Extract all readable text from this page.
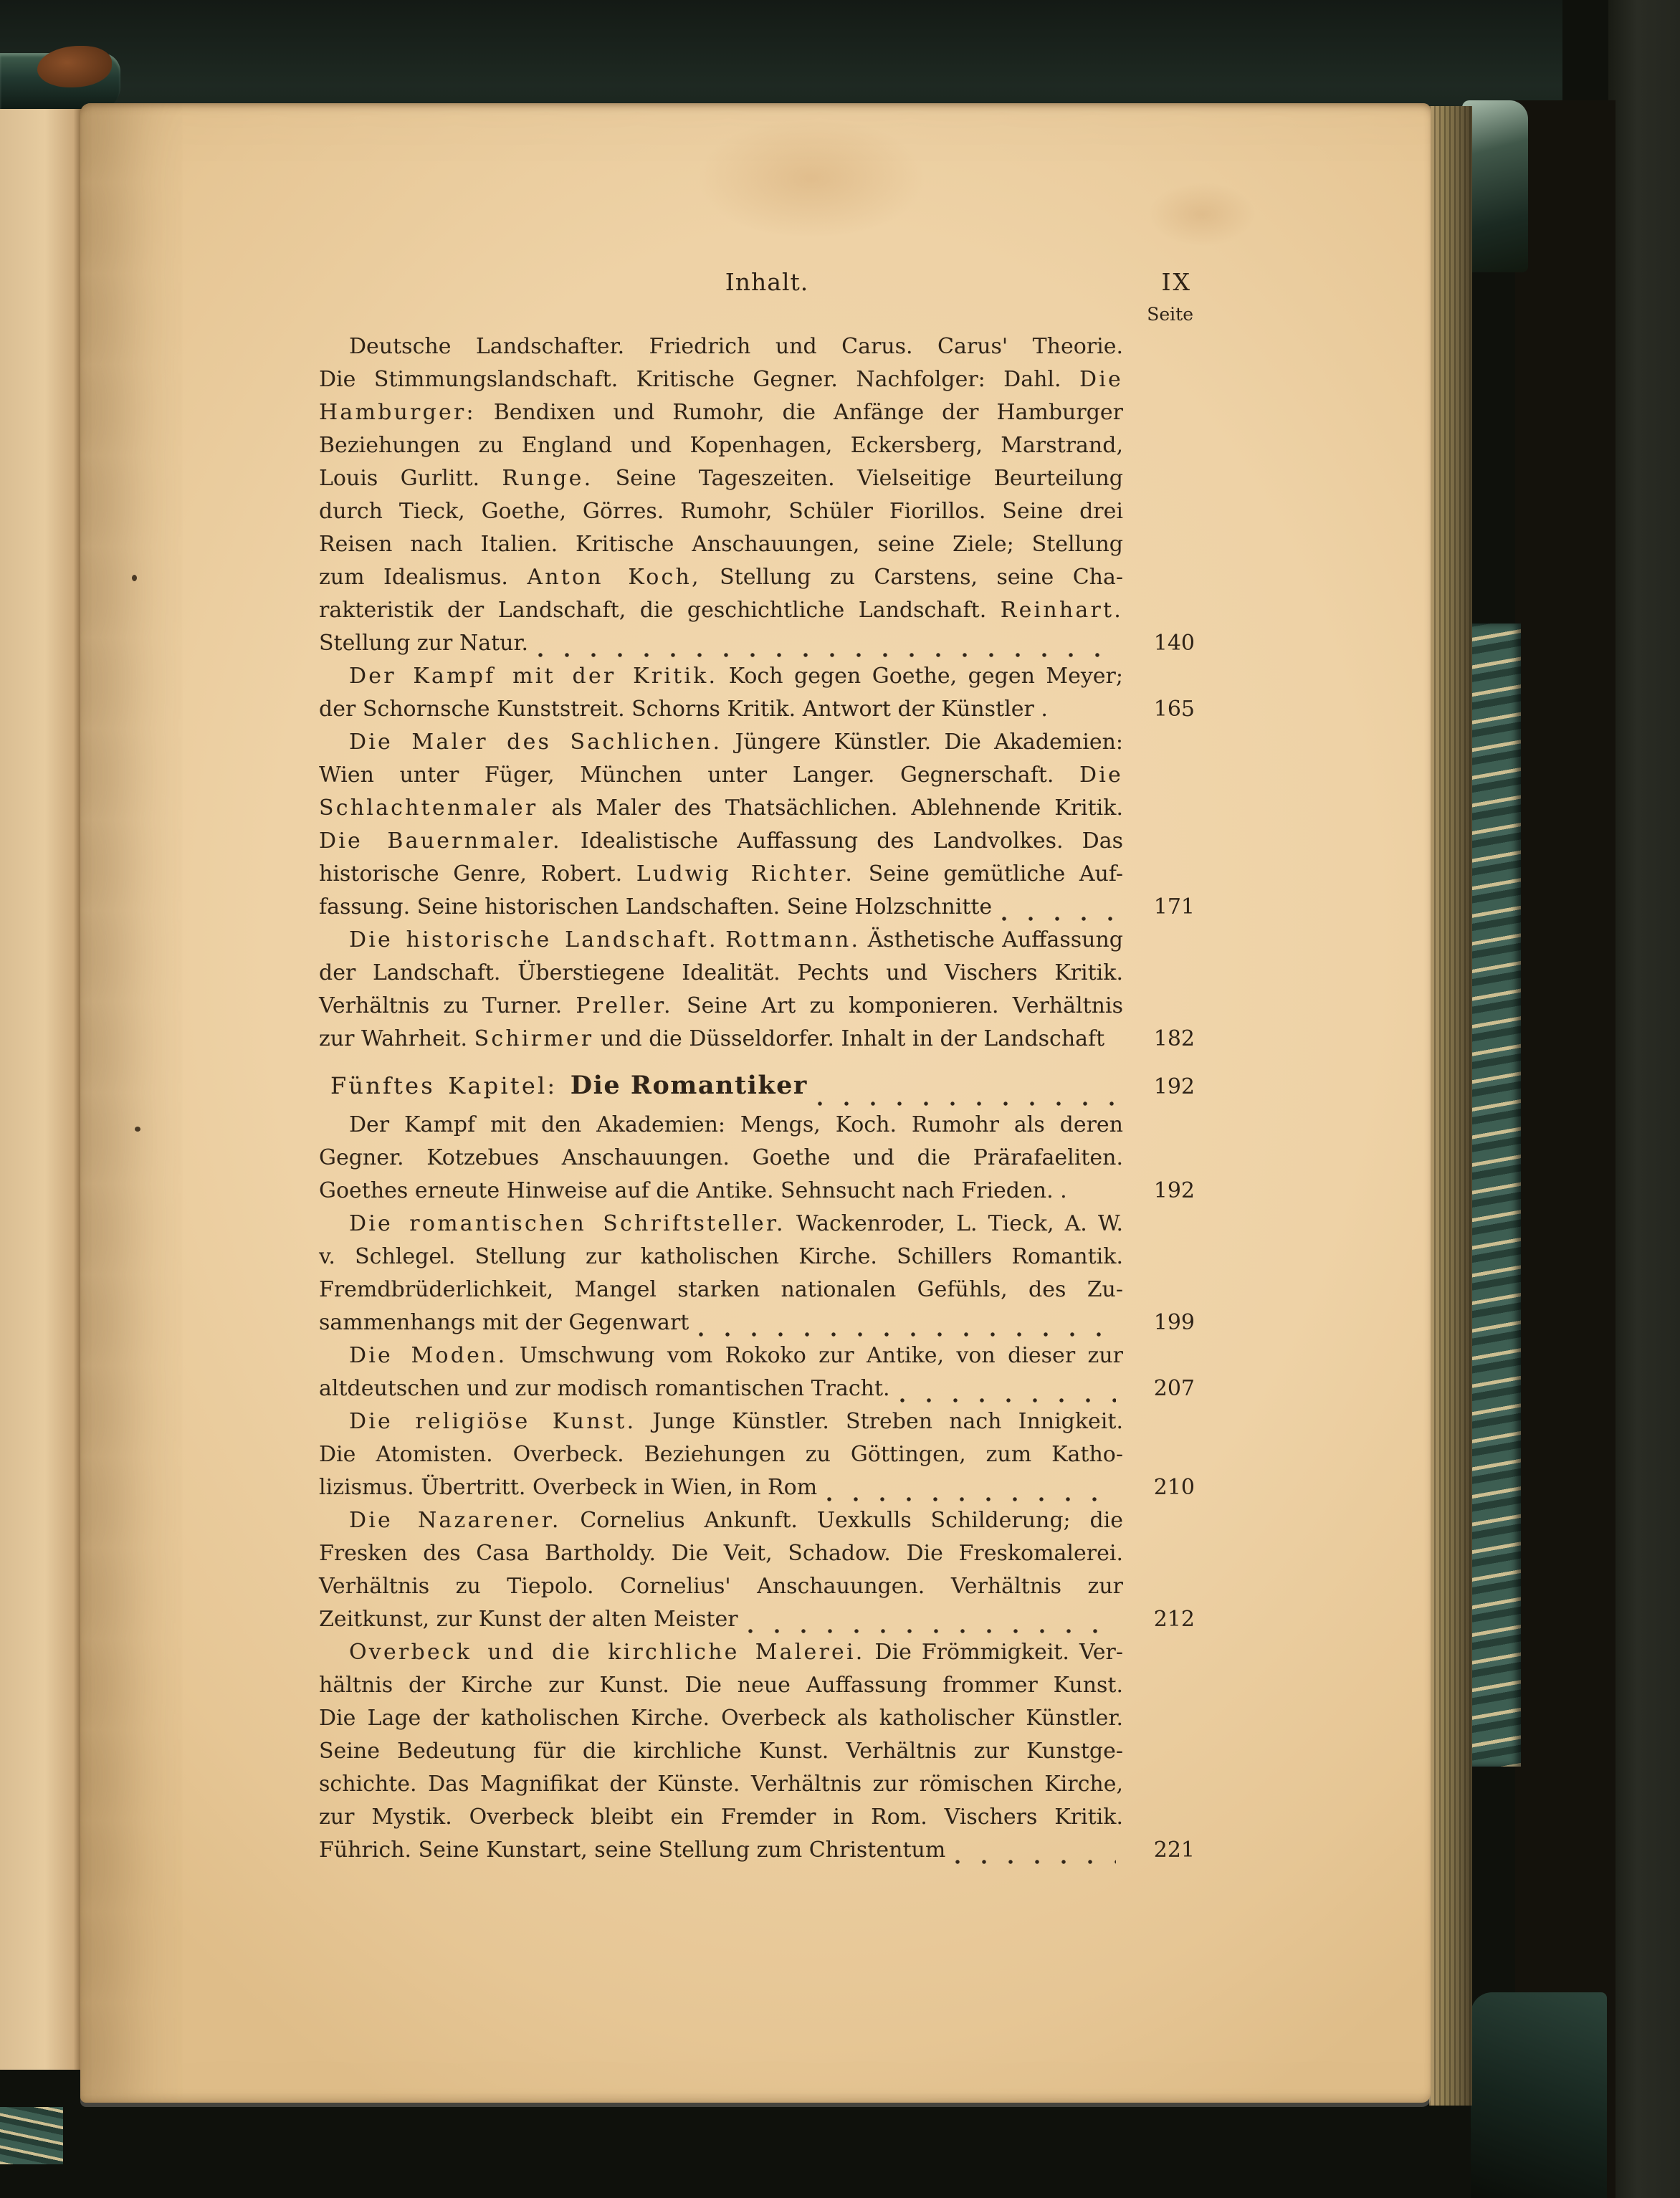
Inhalt.	IX
Seite
Deutsche Landschafter. Friedrich und Carus. Carus' Theorie.
Die Stimmungslandschaft. Kritische Gegner. Nachfolger: Dahl. Die
Hamburger: Bendixen und Rumohr, die Anfänge der Hamburger
Beziehungen zu England und Kopenhagen, Eckersberg, Marstrand,
Louis Gurlitt. Runge. Seine Tageszeiten. Vielseitige Beurteilung
durch Tieck, Goethe, Görres. Rumohr, Schüler Fiorillos. Seine drei
Reisen nach Italien. Kritische Anschauungen, seine Ziele; Stellung
zum Idealismus. Anton Koch, Stellung zu Carstens, seine Cha-
rakteristik der Landschaft, die geschichtliche Landschaft. Reinhart.
Stellung zur Natur.	140
Der Kampf mit der Kritik. Koch gegen Goethe, gegen Meyer;
der Schornsche Kunststreit. Schorns Kritik. Antwort der Künstler .	165
Die Maler des Sachlichen. Jüngere Künstler. Die Akademien:
Wien unter Füger, München unter Langer. Gegnerschaft. Die
Schlachtenmaler als Maler des Thatsächlichen. Ablehnende Kritik.
Die Bauernmaler. Idealistische Auffassung des Landvolkes. Das
historische Genre, Robert. Ludwig Richter. Seine gemütliche Auf-
fassung. Seine historischen Landschaften. Seine Holzschnitte	171
Die historische Landschaft. Rottmann. Ästhetische Auffassung
der Landschaft. Überstiegene Idealität. Pechts und Vischers Kritik.
Verhältnis zu Turner. Preller. Seine Art zu komponieren. Verhältnis
zur Wahrheit. Schirmer und die Düsseldorfer. Inhalt in der Landschaft	182
Fünftes Kapitel: Die Romantiker	192
Der Kampf mit den Akademien: Mengs, Koch. Rumohr als deren
Gegner. Kotzebues Anschauungen. Goethe und die Prärafaeliten.
Goethes erneute Hinweise auf die Antike. Sehnsucht nach Frieden. .	192
Die romantischen Schriftsteller. Wackenroder, L. Tieck, A. W.
v. Schlegel. Stellung zur katholischen Kirche. Schillers Romantik.
Fremdbrüderlichkeit, Mangel starken nationalen Gefühls, des Zu-
sammenhangs mit der Gegenwart	199
Die Moden. Umschwung vom Rokoko zur Antike, von dieser zur
altdeutschen und zur modisch romantischen Tracht.	207
Die religiöse Kunst. Junge Künstler. Streben nach Innigkeit.
Die Atomisten. Overbeck. Beziehungen zu Göttingen, zum Katho-
lizismus. Übertritt. Overbeck in Wien, in Rom	210
Die Nazarener. Cornelius Ankunft. Uexkulls Schilderung; die
Fresken des Casa Bartholdy. Die Veit, Schadow. Die Freskomalerei.
Verhältnis zu Tiepolo. Cornelius' Anschauungen. Verhältnis zur
Zeitkunst, zur Kunst der alten Meister	212
Overbeck und die kirchliche Malerei. Die Frömmigkeit. Ver-
hältnis der Kirche zur Kunst. Die neue Auffassung frommer Kunst.
Die Lage der katholischen Kirche. Overbeck als katholischer Künstler.
Seine Bedeutung für die kirchliche Kunst. Verhältnis zur Kunstge-
schichte. Das Magnifikat der Künste. Verhältnis zur römischen Kirche,
zur Mystik. Overbeck bleibt ein Fremder in Rom. Vischers Kritik.
Führich. Seine Kunstart, seine Stellung zum Christentum	221
